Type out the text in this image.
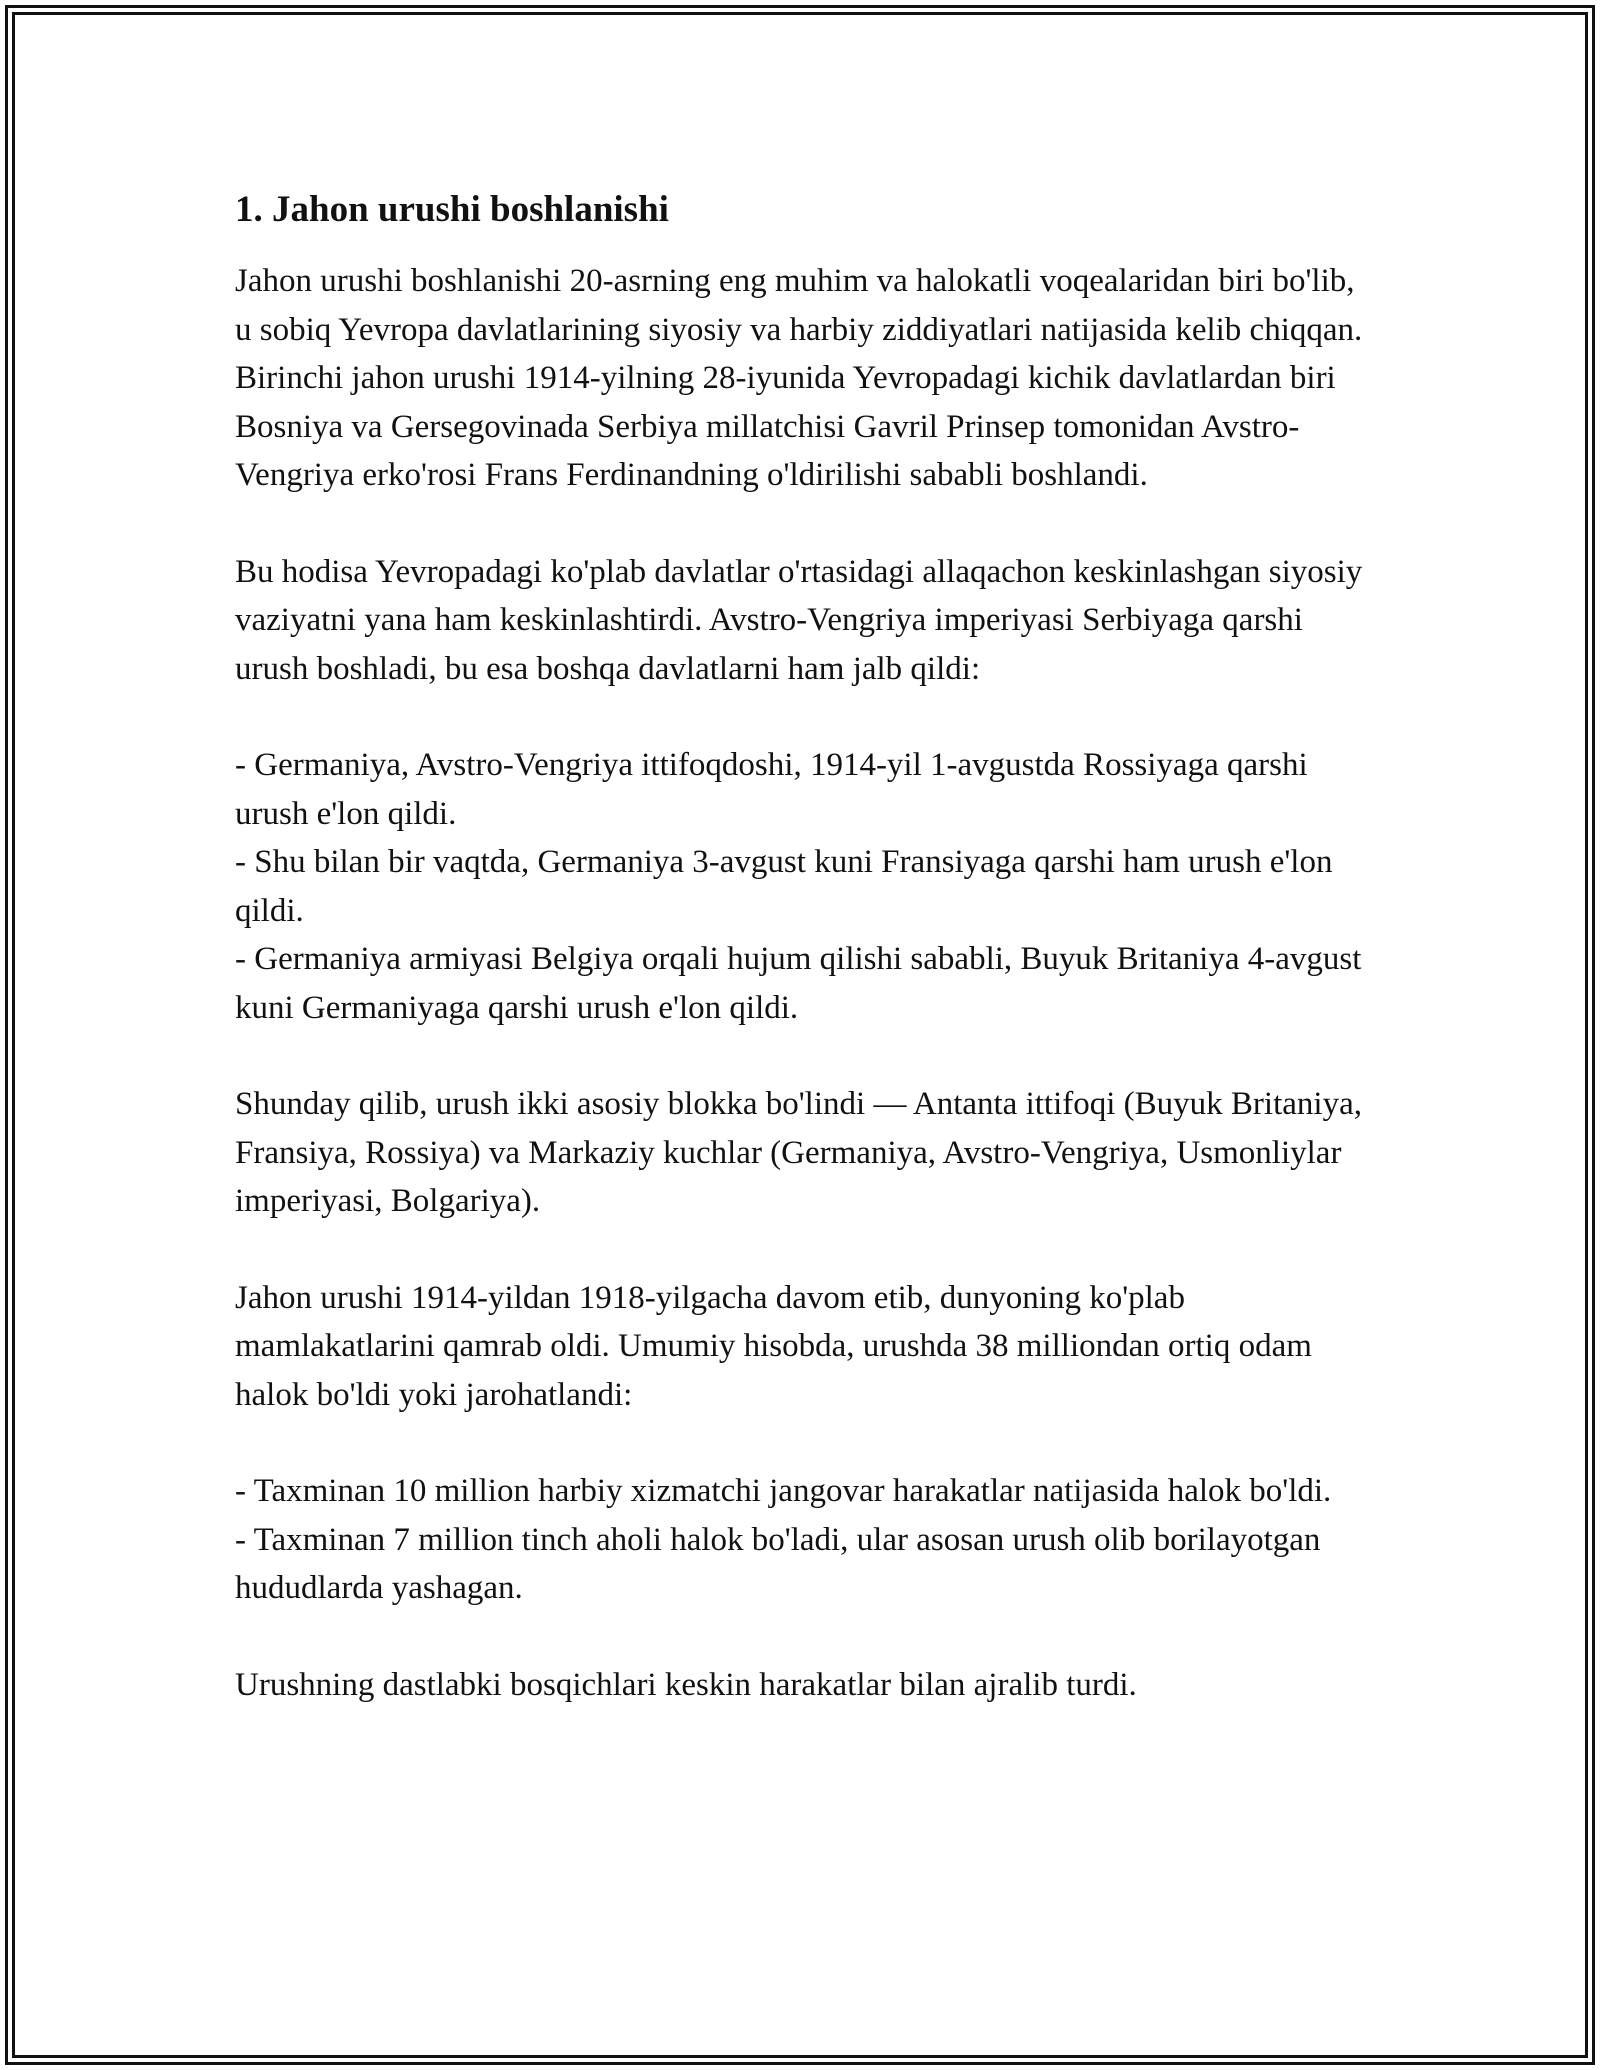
1. Jahon urushi boshlanishi

Jahon urushi boshlanishi 20-asrning eng muhim va halokatli voqealaridan biri bo'lib, u sobiq Yevropa davlatlarining siyosiy va harbiy ziddiyatlari natijasida kelib chiqqan. Birinchi jahon urushi 1914-yilning 28-iyunida Yevropadagi kichik davlatlardan biri Bosniya va Gersegovinada Serbiya millatchisi Gavril Prinsep tomonidan Avstro-Vengriya erko'rosi Frans Ferdinandning o'ldirilishi sababli boshlandi.

Bu hodisa Yevropadagi ko'plab davlatlar o'rtasidagi allaqachon keskinlashgan siyosiy vaziyatni yana ham keskinlashtirdi. Avstro-Vengriya imperiyasi Serbiyaga qarshi urush boshladi, bu esa boshqa davlatlarni ham jalb qildi:

- Germaniya, Avstro-Vengriya ittifoqdoshi, 1914-yil 1-avgustda Rossiyaga qarshi urush e'lon qildi.
- Shu bilan bir vaqtda, Germaniya 3-avgust kuni Fransiyaga qarshi ham urush e'lon qildi.
- Germaniya armiyasi Belgiya orqali hujum qilishi sababli, Buyuk Britaniya 4-avgust kuni Germaniyaga qarshi urush e'lon qildi.

Shunday qilib, urush ikki asosiy blokka bo'lindi — Antanta ittifoqi (Buyuk Britaniya, Fransiya, Rossiya) va Markaziy kuchlar (Germaniya, Avstro-Vengriya, Usmonliylar imperiyasi, Bolgariya).

Jahon urushi 1914-yildan 1918-yilgacha davom etib, dunyoning ko'plab mamlakatlarini qamrab oldi. Umumiy hisobda, urushda 38 milliondan ortiq odam halok bo'ldi yoki jarohatlandi:

- Taxminan 10 million harbiy xizmatchi jangovar harakatlar natijasida halok bo'ldi.
- Taxminan 7 million tinch aholi halok bo'ladi, ular asosan urush olib borilayotgan hududlarda yashagan.

Urushning dastlabki bosqichlari keskin harakatlar bilan ajralib turdi.
